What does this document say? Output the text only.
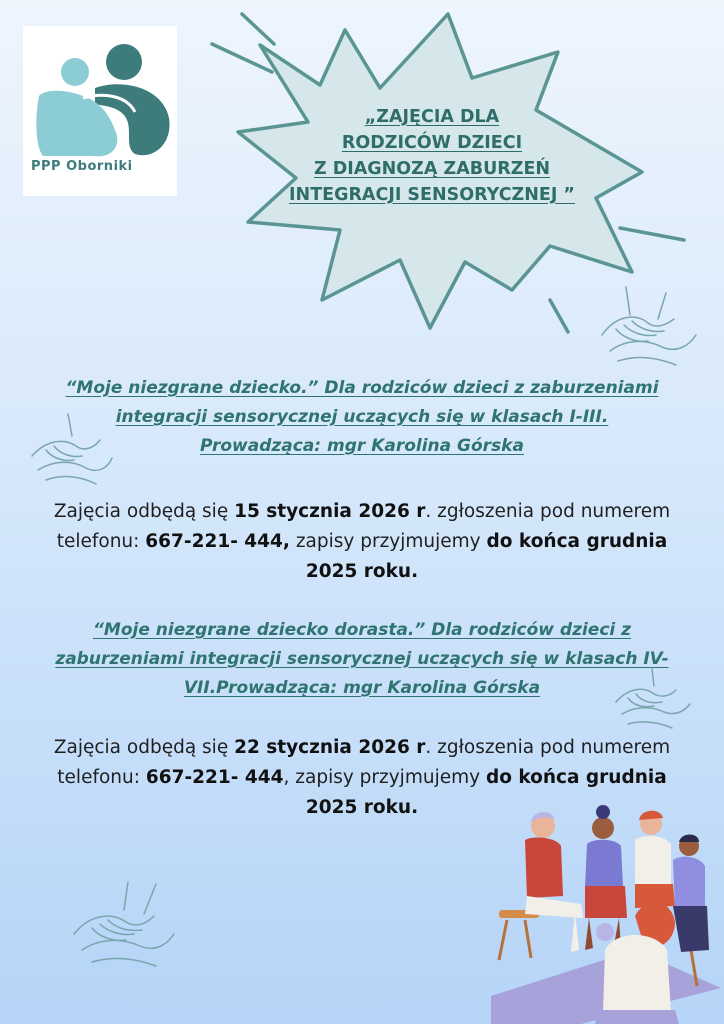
PPP Oborniki
„ZAJĘCIA DLA
RODZICÓW DZIECI
Z DIAGNOZĄ ZABURZEŃ
INTEGRACJI SENSORYCZNEJ ”
“Moje niezgrane dziecko.” Dla rodziców dzieci z zaburzeniami
integracji sensorycznej uczących się w klasach I-III.
Prowadząca: mgr Karolina Górska
Zajęcia odbędą się 15 stycznia 2026 r. zgłoszenia pod numerem
telefonu: 667-221- 444, zapisy przyjmujemy do końca grudnia
2025 roku.
“Moje niezgrane dziecko dorasta.” Dla rodziców dzieci z
zaburzeniami integracji sensorycznej uczących się w klasach IV-
VII.Prowadząca: mgr Karolina Górska
Zajęcia odbędą się 22 stycznia 2026 r. zgłoszenia pod numerem
telefonu: 667-221- 444, zapisy przyjmujemy do końca grudnia
2025 roku.
